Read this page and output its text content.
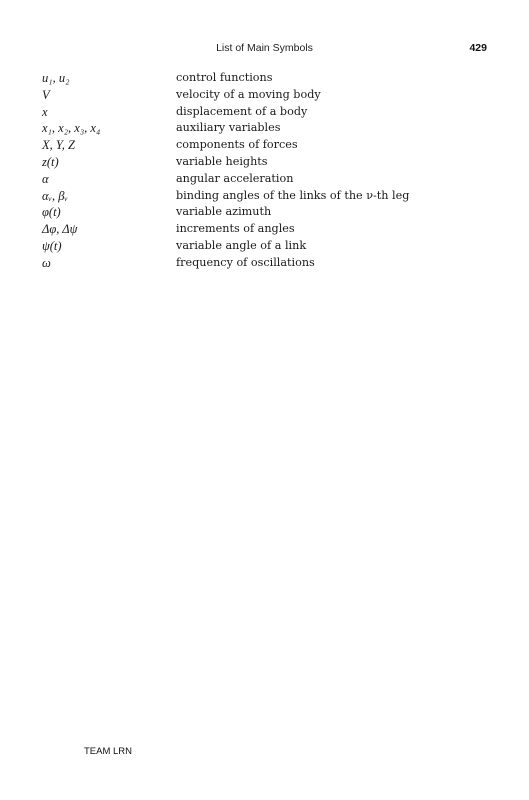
List of Main Symbols	429
u₁, u₂	control functions
V	velocity of a moving body
x	displacement of a body
x₁, x₂, x₃, x₄	auxiliary variables
X, Y, Z	components of forces
z(t)	variable heights
α	angular acceleration
αᵥ, βᵥ	binding angles of the links of the ν-th leg
φ(t)	variable azimuth
Δφ, Δψ	increments of angles
ψ(t)	variable angle of a link
ω	frequency of oscillations
TEAM LRN
